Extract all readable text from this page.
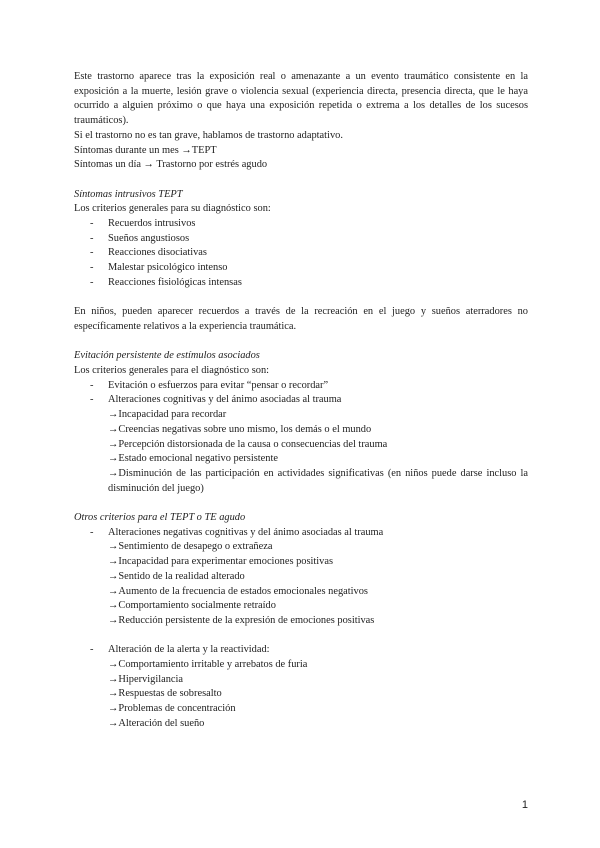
Este trastorno aparece tras la exposición real o amenazante a un evento traumático consistente en la exposición a la muerte, lesión grave o violencia sexual (experiencia directa, presencia directa, que le haya ocurrido a alguien próximo o que haya una exposición repetida o extrema a los detalles de los sucesos traumáticos).

Si el trastorno no es tan grave, hablamos de trastorno adaptativo.

Síntomas durante un mes →TEPT

Síntomas un día → Trastorno por estrés agudo

Síntomas intrusivos TEPT

Los criterios generales para su diagnóstico son:

- Recuerdos intrusivos
- Sueños angustiosos
- Reacciones disociativas
- Malestar psicológico intenso
- Reacciones fisiológicas intensas

En niños, pueden aparecer recuerdos a través de la recreación en el juego y sueños aterradores no específicamente relativos a la experiencia traumática.

Evitación persistente de estímulos asociados

Los criterios generales para el diagnóstico son:

- Evitación o esfuerzos para evitar “pensar o recordar”
- Alteraciones cognitivas y del ánimo asociadas al trauma

→Incapacidad para recordar

→Creencias negativas sobre uno mismo, los demás o el mundo

→Percepción distorsionada de la causa o consecuencias del trauma

→Estado emocional negativo persistente

→Disminución de las participación en actividades significativas (en niños puede darse incluso la disminución del juego)

Otros criterios para el TEPT o TE agudo

- Alteraciones negativas cognitivas y del ánimo asociadas al trauma

→Sentimiento de desapego o extrañeza

→Incapacidad para experimentar emociones positivas

→Sentido de la realidad alterado

→Aumento de la frecuencia de estados emocionales negativos

→Comportamiento socialmente retraído

→Reducción persistente de la expresión de emociones positivas

- Alteración de la alerta y la reactividad:

→Comportamiento irritable y arrebatos de furia

→Hipervigilancia

→Respuestas de sobresalto

→Problemas de concentración

→Alteración del sueño

1
